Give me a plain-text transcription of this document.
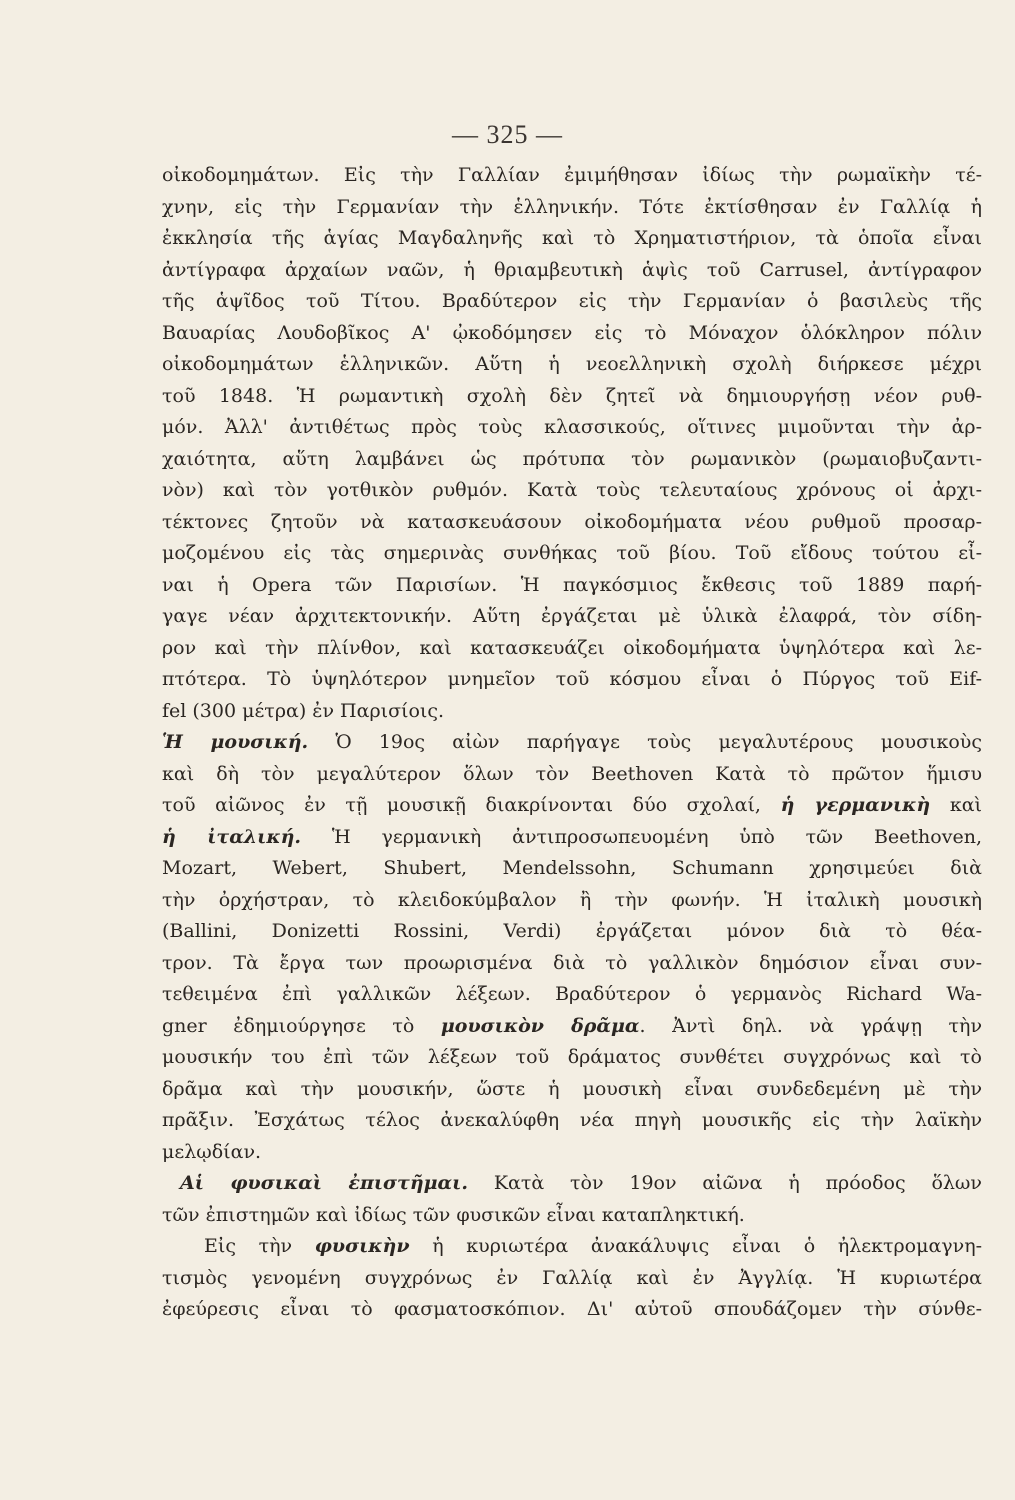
— 325 —
οἰκοδομημάτων. Εἰς τὴν Γαλλίαν ἐμιμήθησαν ἰδίως τὴν ρωμαϊκὴν τέ-
χνην, εἰς τὴν Γερμανίαν τὴν ἑλληνικήν. Τότε ἐκτίσθησαν ἐν Γαλλίᾳ ἡ
ἐκκλησία τῆς ἁγίας Μαγδαληνῆς καὶ τὸ Χρηματιστήριον, τὰ ὁποῖα εἶναι
ἀντίγραφα ἀρχαίων ναῶν, ἡ θριαμβευτικὴ ἁψὶς τοῦ Carrusel, ἀντίγραφον
τῆς ἁψῖδος τοῦ Τίτου. Βραδύτερον εἰς τὴν Γερμανίαν ὁ βασιλεὺς τῆς
Βαυαρίας Λουδοβῖκος Α' ᾠκοδόμησεν εἰς τὸ Μόναχον ὁλόκληρον πόλιν
οἰκοδομημάτων ἑλληνικῶν. Αὕτη ἡ νεοελληνικὴ σχολὴ διήρκεσε μέχρι
τοῦ 1848. Ἡ ρωμαντικὴ σχολὴ δὲν ζητεῖ νὰ δημιουργήσῃ νέον ρυθ-
μόν. Ἀλλ' ἀντιθέτως πρὸς τοὺς κλασσικούς, οἵτινες μιμοῦνται τὴν ἀρ-
χαιότητα, αὕτη λαμβάνει ὡς πρότυπα τὸν ρωμανικὸν (ρωμαιοβυζαντι-
νὸν) καὶ τὸν γοτθικὸν ρυθμόν. Κατὰ τοὺς τελευταίους χρόνους οἱ ἀρχι-
τέκτονες ζητοῦν νὰ κατασκευάσουν οἰκοδομήματα νέου ρυθμοῦ προσαρ-
μοζομένου εἰς τὰς σημερινὰς συνθήκας τοῦ βίου. Τοῦ εἴδους τούτου εἶ-
ναι ἡ Opera τῶν Παρισίων. Ἡ παγκόσμιος ἔκθεσις τοῦ 1889 παρή-
γαγε νέαν ἀρχιτεκτονικήν. Αὕτη ἐργάζεται μὲ ὑλικὰ ἐλαφρά, τὸν σίδη-
ρον καὶ τὴν πλίνθον, καὶ κατασκευάζει οἰκοδομήματα ὑψηλότερα καὶ λε-
πτότερα. Τὸ ὑψηλότερον μνημεῖον τοῦ κόσμου εἶναι ὁ Πύργος τοῦ Eif-
fel (300 μέτρα) ἐν Παρισίοις.
Ἡ μουσική. Ὁ 19ος αἰὼν παρήγαγε τοὺς μεγαλυτέρους μουσικοὺς
καὶ δὴ τὸν μεγαλύτερον ὅλων τὸν Beethoven Κατὰ τὸ πρῶτον ἥμισυ
τοῦ αἰῶνος ἐν τῇ μουσικῇ διακρίνονται δύο σχολαί, ἡ γερμανικὴ καὶ
ἡ ἰταλική. Ἡ γερμανικὴ ἀντιπροσωπευομένη ὑπὸ τῶν Beethoven,
Mozart, Webert, Shubert, Mendelssohn, Schumann χρησιμεύει διὰ
τὴν ὀρχήστραν, τὸ κλειδοκύμβαλον ἢ τὴν φωνήν. Ἡ ἰταλικὴ μουσικὴ
(Ballini, Donizetti Rossini, Verdi) ἐργάζεται μόνον διὰ τὸ θέα-
τρον. Τὰ ἔργα των προωρισμένα διὰ τὸ γαλλικὸν δημόσιον εἶναι συν-
τεθειμένα ἐπὶ γαλλικῶν λέξεων. Βραδύτερον ὁ γερμανὸς Richard Wa-
gner ἐδημιούργησε τὸ μουσικὸν δρᾶμα. Ἀντὶ δηλ. νὰ γράψῃ τὴν
μουσικήν του ἐπὶ τῶν λέξεων τοῦ δράματος συνθέτει συγχρόνως καὶ τὸ
δρᾶμα καὶ τὴν μουσικήν, ὥστε ἡ μουσικὴ εἶναι συνδεδεμένη μὲ τὴν
πρᾶξιν. Ἐσχάτως τέλος ἀνεκαλύφθη νέα πηγὴ μουσικῆς εἰς τὴν λαϊκὴν
μελῳδίαν.
Αἱ φυσικαὶ ἐπιστῆμαι. Κατὰ τὸν 19ον αἰῶνα ἡ πρόοδος ὅλων
τῶν ἐπιστημῶν καὶ ἰδίως τῶν φυσικῶν εἶναι καταπληκτική.
Εἰς τὴν φυσικὴν ἡ κυριωτέρα ἀνακάλυψις εἶναι ὁ ἠλεκτρομαγνη-
τισμὸς γενομένη συγχρόνως ἐν Γαλλίᾳ καὶ ἐν Ἀγγλίᾳ. Ἡ κυριωτέρα
ἐφεύρεσις εἶναι τὸ φασματοσκόπιον. Δι' αὐτοῦ σπουδάζομεν τὴν σύνθε-
